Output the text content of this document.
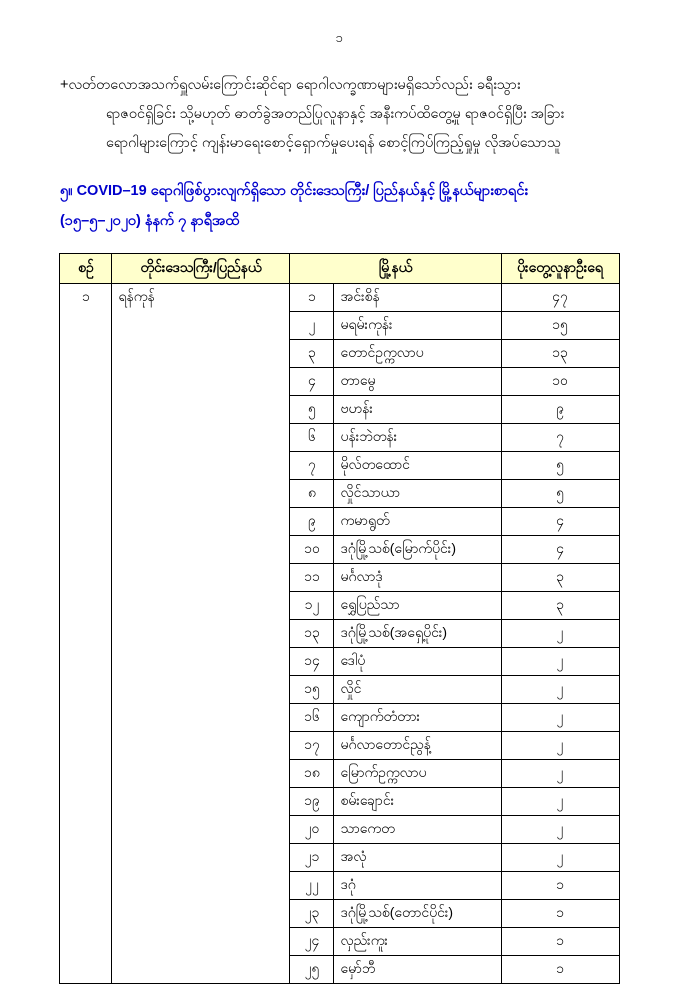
၁
+လတ်တလောအသက်ရှူလမ်းကြောင်းဆိုင်ရာ ရောဂါလက္ခဏာများမရှိသော်လည်း ခရီးသွား
ရာဇဝင်ရှိခြင်း သို့မဟုတ် ဓာတ်ခွဲအတည်ပြုလူနာနှင့် အနီးကပ်ထိတွေ့မှု ရာဇဝင်ရှိပြီး အခြား
ရောဂါများကြောင့် ကျန်းမာရေးစောင့်ရှောက်မှုပေးရန် စောင့်ကြပ်ကြည့်ရှုမှု လိုအပ်သောသူ
၅။ COVID–19 ရောဂါဖြစ်ပွားလျက်ရှိသော တိုင်းဒေသကြီး/ ပြည်နယ်နှင့် မြို့နယ်များစာရင်း
(၁၅–၅–၂၀၂၀) နံနက် ၇ နာရီအထိ
စဉ်	တိုင်းဒေသကြီး/ပြည်နယ်	မြို့နယ်		ပိုးတွေ့လူနာဦးရေ
၁	ရန်ကုန်	၁	အင်းစိန်	၄၇
		၂	မရမ်းကုန်း	၁၅
		၃	တောင်ဥက္ကလာပ	၁၃
		၄	တာမွေ	၁၀
		၅	ဗဟန်း	၉
		၆	ပန်းဘဲတန်း	၇
		၇	မိုလ်တထောင်	၅
		၈	လှိုင်သာယာ	၅
		၉	ကမာရွတ်	၄
		၁၀	ဒဂုံမြို့သစ်(မြောက်ပိုင်း)	၄
		၁၁	မင်္ဂလာဒုံ	၃
		၁၂	ရွှေပြည်သာ	၃
		၁၃	ဒဂုံမြို့သစ်(အရှေ့ပိုင်း)	၂
		၁၄	ဒေါပုံ	၂
		၁၅	လှိုင်	၂
		၁၆	ကျောက်တံတား	၂
		၁၇	မင်္ဂလာတောင်ညွန့်	၂
		၁၈	မြောက်ဥက္ကလာပ	၂
		၁၉	စမ်းချောင်း	၂
		၂၀	သာကေတ	၂
		၂၁	အလုံ	၂
		၂၂	ဒဂုံ	၁
		၂၃	ဒဂုံမြို့သစ်(တောင်ပိုင်း)	၁
		၂၄	လှည်းကူး	၁
		၂၅	မှော်ဘီ	၁
